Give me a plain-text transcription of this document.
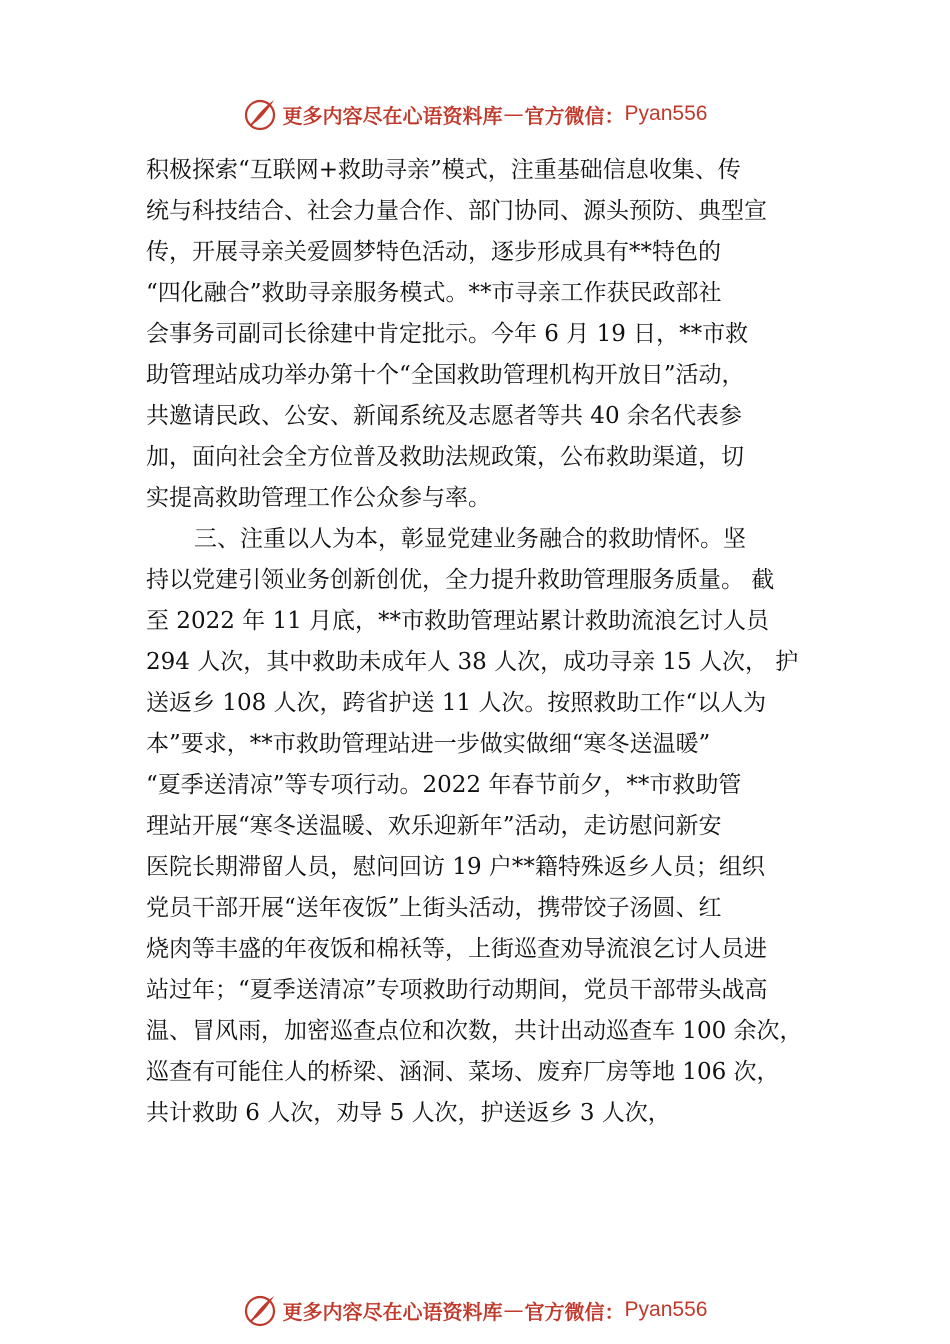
更多内容尽在心语资料库 — 官方微信： Pyan556
积极探索“互联网+救助寻亲”模式，注重基础信息收集、传
统与科技结合、社会力量合作、部门协同、源头预防、典型宣
传，开展寻亲关爱圆梦特色活动，逐步形成具有**特色的
“四化融合”救助寻亲服务模式。**市寻亲工作获民政部社
会事务司副司长徐建中肯定批示。今年 6 月 19 日，**市救
助管理站成功举办第十个“全国救助管理机构开放日”活动，
共邀请民政、公安、新闻系统及志愿者等共 40 余名代表参
加，面向社会全方位普及救助法规政策，公布救助渠道，切
实提高救助管理工作公众参与率。
三、注重以人为本，彰显党建业务融合的救助情怀。坚
持以党建引领业务创新创优，全力提升救助管理服务质量。 截
至 2022 年 11 月底，**市救助管理站累计救助流浪乞讨人员
294 人次，其中救助未成年人 38 人次，成功寻亲 15 人次， 护
送返乡 108 人次，跨省护送 11 人次。按照救助工作“以人为
本”要求，**市救助管理站进一步做实做细“寒冬送温暖”
“夏季送清凉”等专项行动。2022 年春节前夕，**市救助管
理站开展“寒冬送温暖、欢乐迎新年”活动，走访慰问新安
医院长期滞留人员，慰问回访 19 户**籍特殊返乡人员；组织
党员干部开展“送年夜饭”上街头活动，携带饺子汤圆、红
烧肉等丰盛的年夜饭和棉袄等，上街巡查劝导流浪乞讨人员进
站过年；“夏季送清凉”专项救助行动期间，党员干部带头战高
温、冒风雨，加密巡查点位和次数，共计出动巡查车 100 余次，
巡查有可能住人的桥梁、涵洞、菜场、废弃厂房等地 106 次，
共计救助 6 人次，劝导 5 人次，护送返乡 3 人次，
更多内容尽在心语资料库 — 官方微信： Pyan556
